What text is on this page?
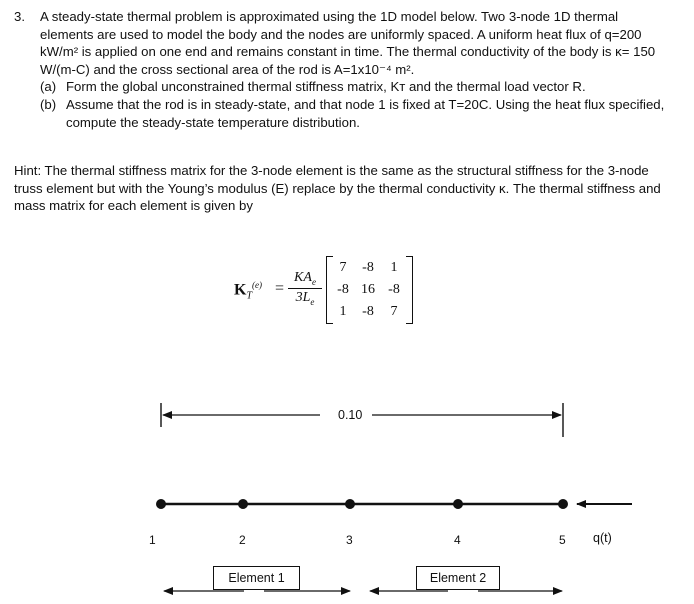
3.	A steady-state thermal problem is approximated using the 1D model below. Two 3-node 1D thermal elements are used to model the body and the nodes are uniformly spaced. A uniform heat flux of q=200 kW/m² is applied on one end and remains constant in time. The thermal conductivity of the body is κ= 150 W/(m-C) and the cross sectional area of the rod is A=1x10⁻⁴ m².
(a) Form the global unconstrained thermal stiffness matrix, Kᴛ and the thermal load vector R.
(b) Assume that the rod is in steady-state, and that node 1 is fixed at T=20C. Using the heat flux specified, compute the steady-state temperature distribution.
Hint: The thermal stiffness matrix for the 3-node element is the same as the structural stiffness for the 3-node truss element but with the Young’s modulus (E) replace by the thermal conductivity κ. The thermal stiffness and mass matrix for each element is given by
$K_T^{(e)}$ =
$KA_e$
$3L_e$
7	-8	1
-8 16 -8
1	-8	7
0.10
1	2	3	4	5 q(t)
Element 1	Element 2
